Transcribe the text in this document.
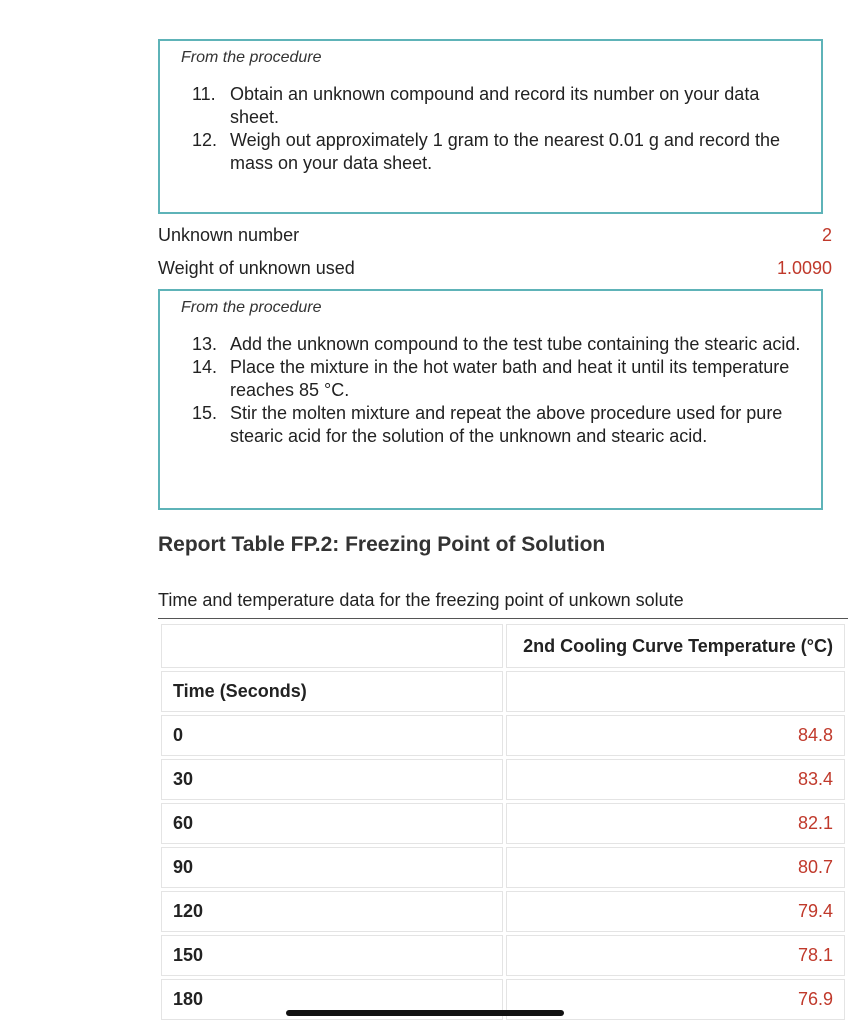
From the procedure
11. Obtain an unknown compound and record its number on your data sheet.
12. Weigh out approximately 1 gram to the nearest 0.01 g and record the mass on your data sheet.
Unknown number	2
Weight of unknown used	1.0090
From the procedure
13. Add the unknown compound to the test tube containing the stearic acid.
14. Place the mixture in the hot water bath and heat it until its temperature reaches 85 °C.
15. Stir the molten mixture and repeat the above procedure used for pure stearic acid for the solution of the unknown and stearic acid.
Report Table FP.2: Freezing Point of Solution
Time and temperature data for the freezing point of unkown solute
	2nd Cooling Curve Temperature (°C)
Time (Seconds)	
0	84.8
30	83.4
60	82.1
90	80.7
120	79.4
150	78.1
180	76.9
